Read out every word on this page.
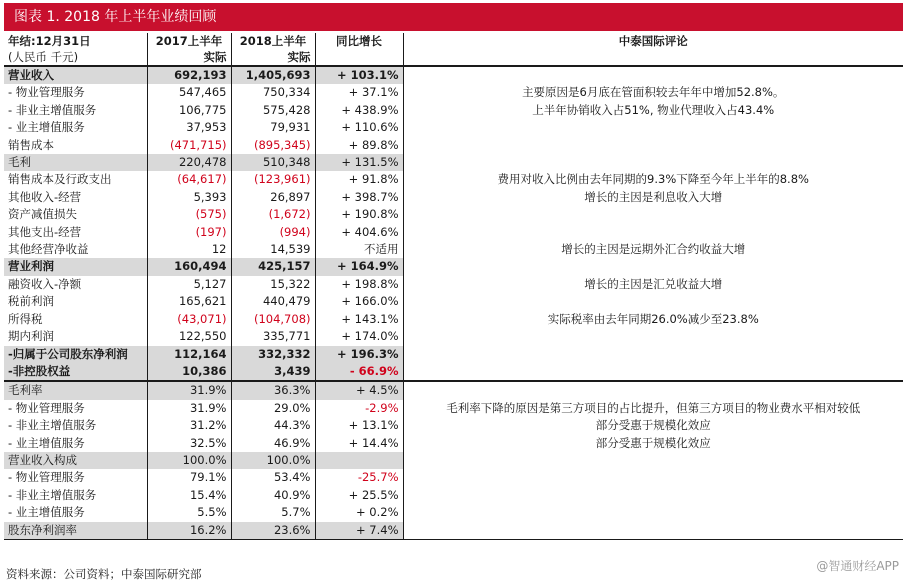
图表 1. 2018 年上半年业绩回顾
年结:12月31日	2017上半年	2018上半年	同比增长	中泰国际评论
(人民币 千元)	实际	实际		
营业收入	692,193	1,405,693	+ 103.1%	
- 物业管理服务	547,465	750,334	+ 37.1%	主要原因是6月底在管面积较去年年中增加52.8%。
- 非业主增值服务	106,775	575,428	+ 438.9%	上半年协销收入占51%, 物业代理收入占43.4%
- 业主增值服务	37,953	79,931	+ 110.6%	
销售成本	(471,715)	(895,345)	+ 89.8%	
毛利	220,478	510,348	+ 131.5%	
销售成本及行政支出	(64,617)	(123,961)	+ 91.8%	费用对收入比例由去年同期的9.3%下降至今年上半年的8.8%
其他收入-经营	5,393	26,897	+ 398.7%	增长的主因是利息收入大增
资产减值损失	(575)	(1,672)	+ 190.8%	
其他支出-经营	(197)	(994)	+ 404.6%	
其他经营净收益	12	14,539	不适用	增长的主因是远期外汇合约收益大增
营业利润	160,494	425,157	+ 164.9%	
融资收入-净额	5,127	15,322	+ 198.8%	增长的主因是汇兑收益大增
税前利润	165,621	440,479	+ 166.0%	
所得税	(43,071)	(104,708)	+ 143.1%	实际税率由去年同期26.0%减少至23.8%
期内利润	122,550	335,771	+ 174.0%	
-归属于公司股东净利润	112,164	332,332	+ 196.3%	
-非控股权益	10,386	3,439	- 66.9%	
毛利率	31.9%	36.3%	+ 4.5%	
- 物业管理服务	31.9%	29.0%	-2.9%	毛利率下降的原因是第三方项目的占比提升，但第三方项目的物业费水平相对较低
- 非业主增值服务	31.2%	44.3%	+ 13.1%	部分受惠于规模化效应
- 业主增值服务	32.5%	46.9%	+ 14.4%	部分受惠于规模化效应
营业收入构成	100.0%	100.0%		
- 物业管理服务	79.1%	53.4%	-25.7%	
- 非业主增值服务	15.4%	40.9%	+ 25.5%	
- 业主增值服务	5.5%	5.7%	+ 0.2%	
股东净利润率	16.2%	23.6%	+ 7.4%	
资料来源：公司资料；中泰国际研究部
@智通财经APP
